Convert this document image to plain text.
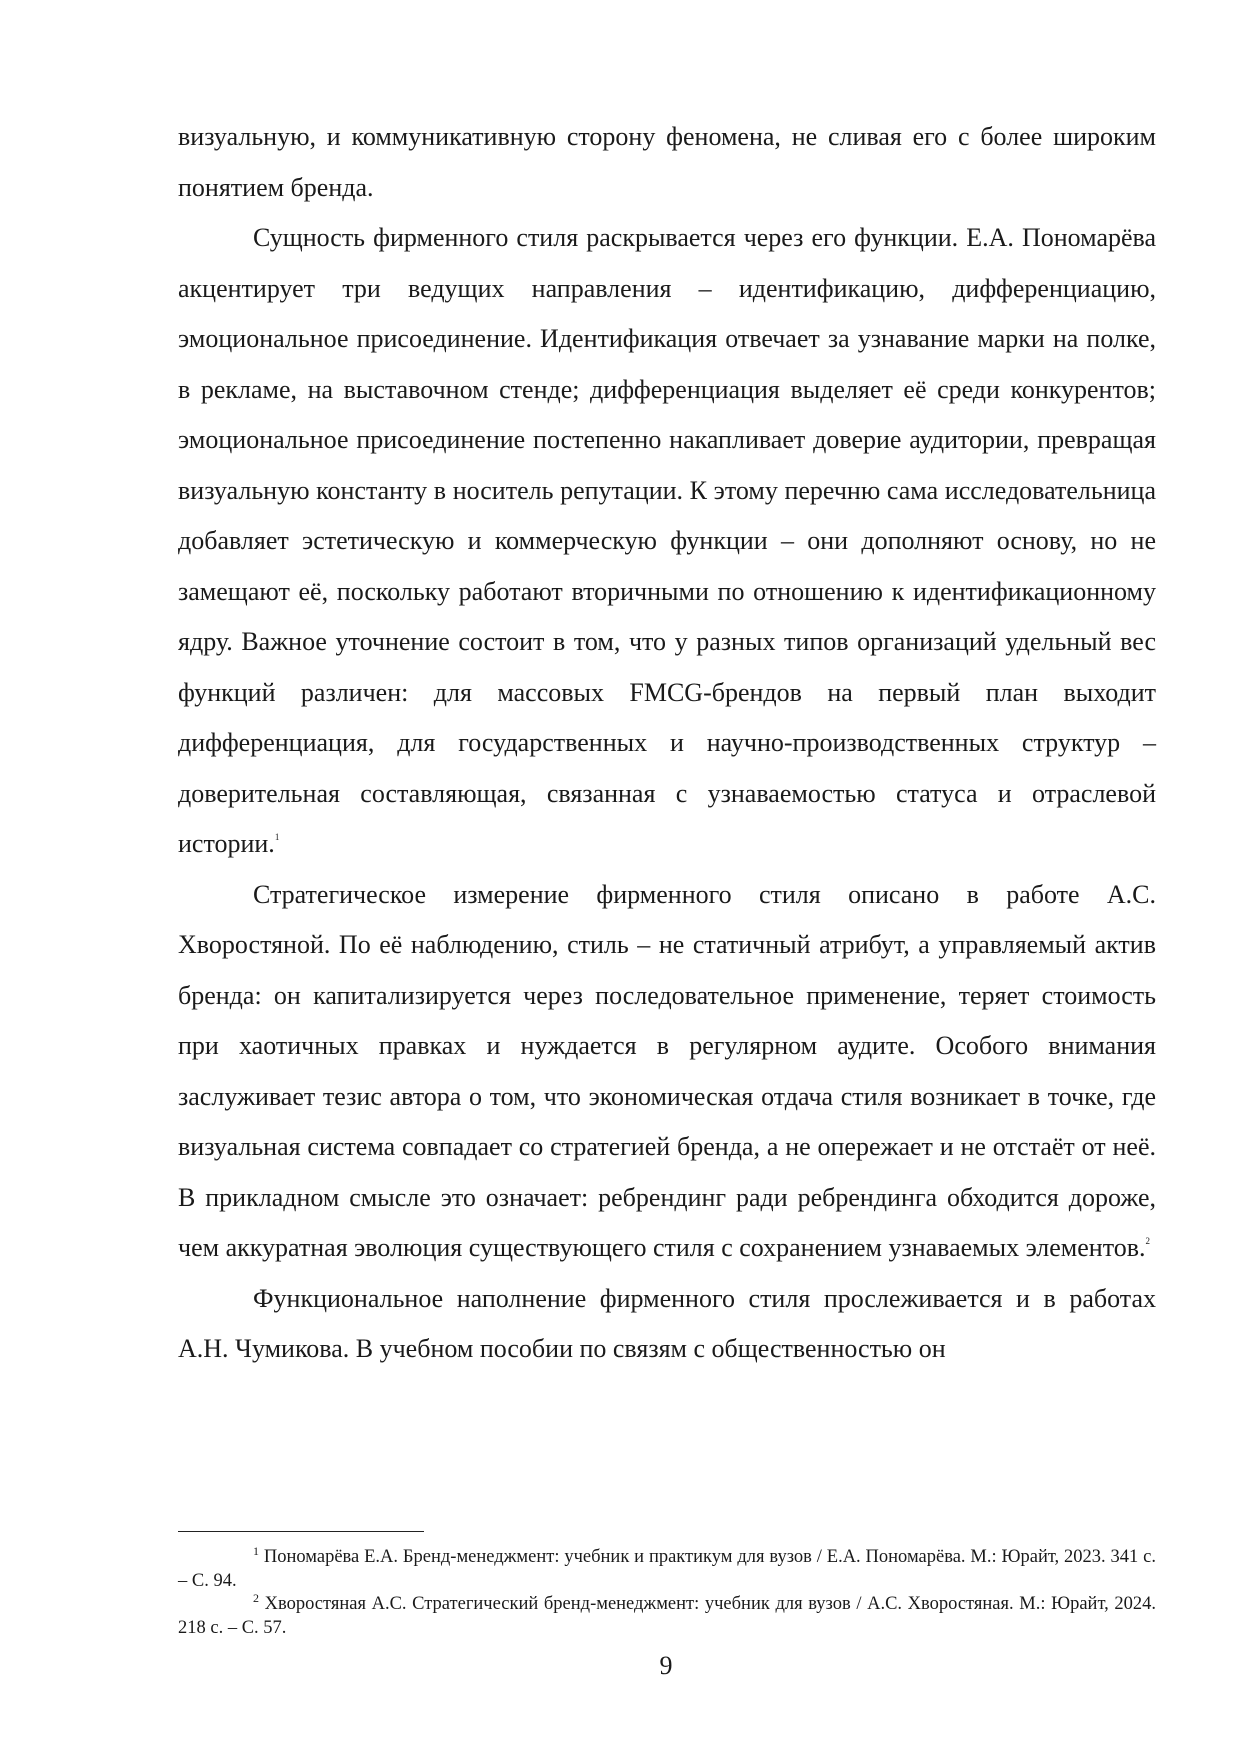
визуальную, и коммуникативную сторону феномена, не сливая его с более широким понятием бренда.

Сущность фирменного стиля раскрывается через его функции. Е.А. Пономарёва акцентирует три ведущих направления – идентификацию, дифференциацию, эмоциональное присоединение. Идентификация отвечает за узнавание марки на полке, в рекламе, на выставочном стенде; дифференциация выделяет её среди конкурентов; эмоциональное присоединение постепенно накапливает доверие аудитории, превращая визуальную константу в носитель репутации. К этому перечню сама исследовательница добавляет эстетическую и коммерческую функции – они дополняют основу, но не замещают её, поскольку работают вторичными по отношению к идентификационному ядру. Важное уточнение состоит в том, что у разных типов организаций удельный вес функций различен: для массовых FMCG-брендов на первый план выходит дифференциация, для государственных и научно-производственных структур – доверительная составляющая, связанная с узнаваемостью статуса и отраслевой истории.$^1$

Стратегическое измерение фирменного стиля описано в работе А.С. Хворостяной. По её наблюдению, стиль – не статичный атрибут, а управляемый актив бренда: он капитализируется через последовательное применение, теряет стоимость при хаотичных правках и нуждается в регулярном аудите. Особого внимания заслуживает тезис автора о том, что экономическая отдача стиля возникает в точке, где визуальная система совпадает со стратегией бренда, а не опережает и не отстаёт от неё. В прикладном смысле это означает: ребрендинг ради ребрендинга обходится дороже, чем аккуратная эволюция существующего стиля с сохранением узнаваемых элементов.$^2$

Функциональное наполнение фирменного стиля прослеживается и в работах А.Н. Чумикова. В учебном пособии по связям с общественностью он

$^1$ Пономарёва Е.А. Бренд-менеджмент: учебник и практикум для вузов / Е.А. Пономарёва. М.: Юрайт, 2023. 341 с. – С. 94.

$^2$ Хворостяная А.С. Стратегический бренд-менеджмент: учебник для вузов / А.С. Хворостяная. М.: Юрайт, 2024. 218 с. – С. 57.

9
